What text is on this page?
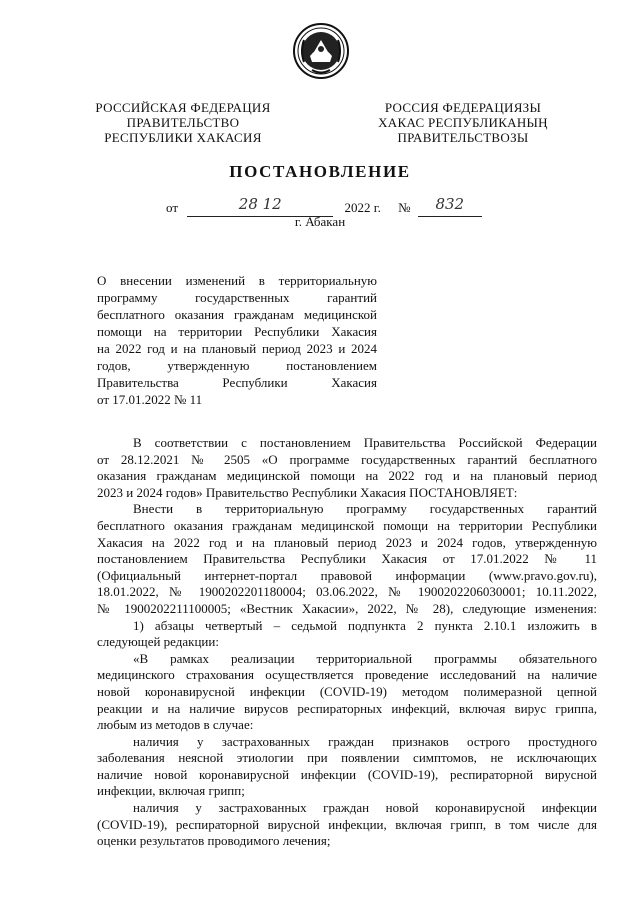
РОССИЙСКАЯ ФЕДЕРАЦИЯ
ПРАВИТЕЛЬСТВО
РЕСПУБЛИКИ ХАКАСИЯ
РОССИЯ ФЕДЕРАЦИЯЗЫ
ХАКАС РЕСПУБЛИКАНЫҢ
ПРАВИТЕЛЬСТВОЗЫ
ПОСТАНОВЛЕНИЕ
от	28 12	2022 г. № 832
г. Абакан
О внесении изменений в территориальную
программу государственных гарантий
бесплатного оказания гражданам медицинской
помощи на территории Республики Хакасия
на 2022 год и на плановый период 2023 и 2024
годов, утвержденную постановлением
Правительства Республики Хакасия
от 17.01.2022 № 11
В соответствии с постановлением Правительства Российской Федерации
от 28.12.2021 № 2505 «О программе государственных гарантий бесплатного
оказания гражданам медицинской помощи на 2022 год и на плановый период
2023 и 2024 годов» Правительство Республики Хакасия ПОСТАНОВЛЯЕТ:
Внести в территориальную программу государственных гарантий
бесплатного оказания гражданам медицинской помощи на территории Республики
Хакасия на 2022 год и на плановый период 2023 и 2024 годов, утвержденную
постановлением Правительства Республики Хакасия от 17.01.2022 № 11
(Официальный интернет-портал правовой информации (www.pravo.gov.ru),
18.01.2022, № 1900202201180004; 03.06.2022, № 1900202206030001; 10.11.2022,
№ 1900202211100005; «Вестник Хакасии», 2022, № 28), следующие изменения:
1) абзацы четвертый – седьмой подпункта 2 пункта 2.10.1 изложить в
следующей редакции:
«В рамках реализации территориальной программы обязательного
медицинского страхования осуществляется проведение исследований на наличие
новой коронавирусной инфекции (COVID-19) методом полимеразной цепной
реакции и на наличие вирусов респираторных инфекций, включая вирус гриппа,
любым из методов в случае:
наличия у застрахованных граждан признаков острого простудного
заболевания неясной этиологии при появлении симптомов, не исключающих
наличие новой коронавирусной инфекции (COVID-19), респираторной вирусной
инфекции, включая грипп;
наличия у застрахованных граждан новой коронавирусной инфекции
(COVID-19), респираторной вирусной инфекции, включая грипп, в том числе для
оценки результатов проводимого лечения;
